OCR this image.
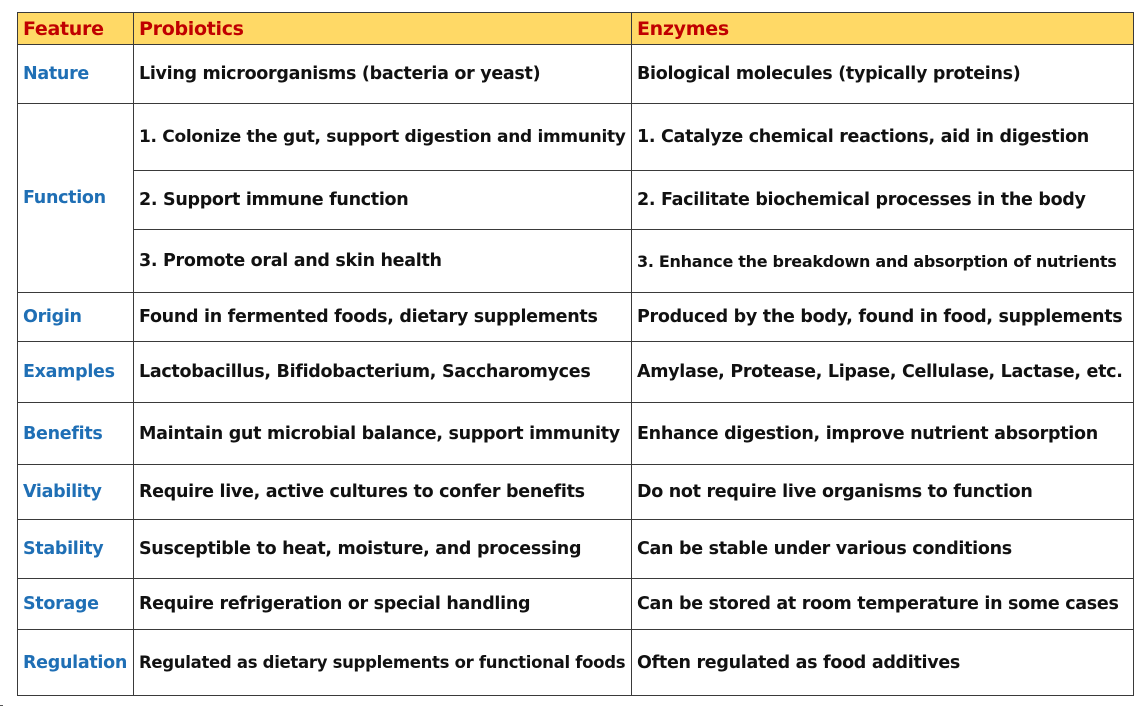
Feature	Probiotics	Enzymes
Nature	Living microorganisms (bacteria or yeast)	Biological molecules (typically proteins)
Function	1. Colonize the gut, support digestion and immunity	1. Catalyze chemical reactions, aid in digestion
	2. Support immune function	2. Facilitate biochemical processes in the body
	3. Promote oral and skin health	3. Enhance the breakdown and absorption of nutrients
Origin	Found in fermented foods, dietary supplements	Produced by the body, found in food, supplements
Examples	Lactobacillus, Bifidobacterium, Saccharomyces	Amylase, Protease, Lipase, Cellulase, Lactase, etc.
Benefits	Maintain gut microbial balance, support immunity	Enhance digestion, improve nutrient absorption
Viability	Require live, active cultures to confer benefits	Do not require live organisms to function
Stability	Susceptible to heat, moisture, and processing	Can be stable under various conditions
Storage	Require refrigeration or special handling	Can be stored at room temperature in some cases
Regulation	Regulated as dietary supplements or functional foods	Often regulated as food additives
